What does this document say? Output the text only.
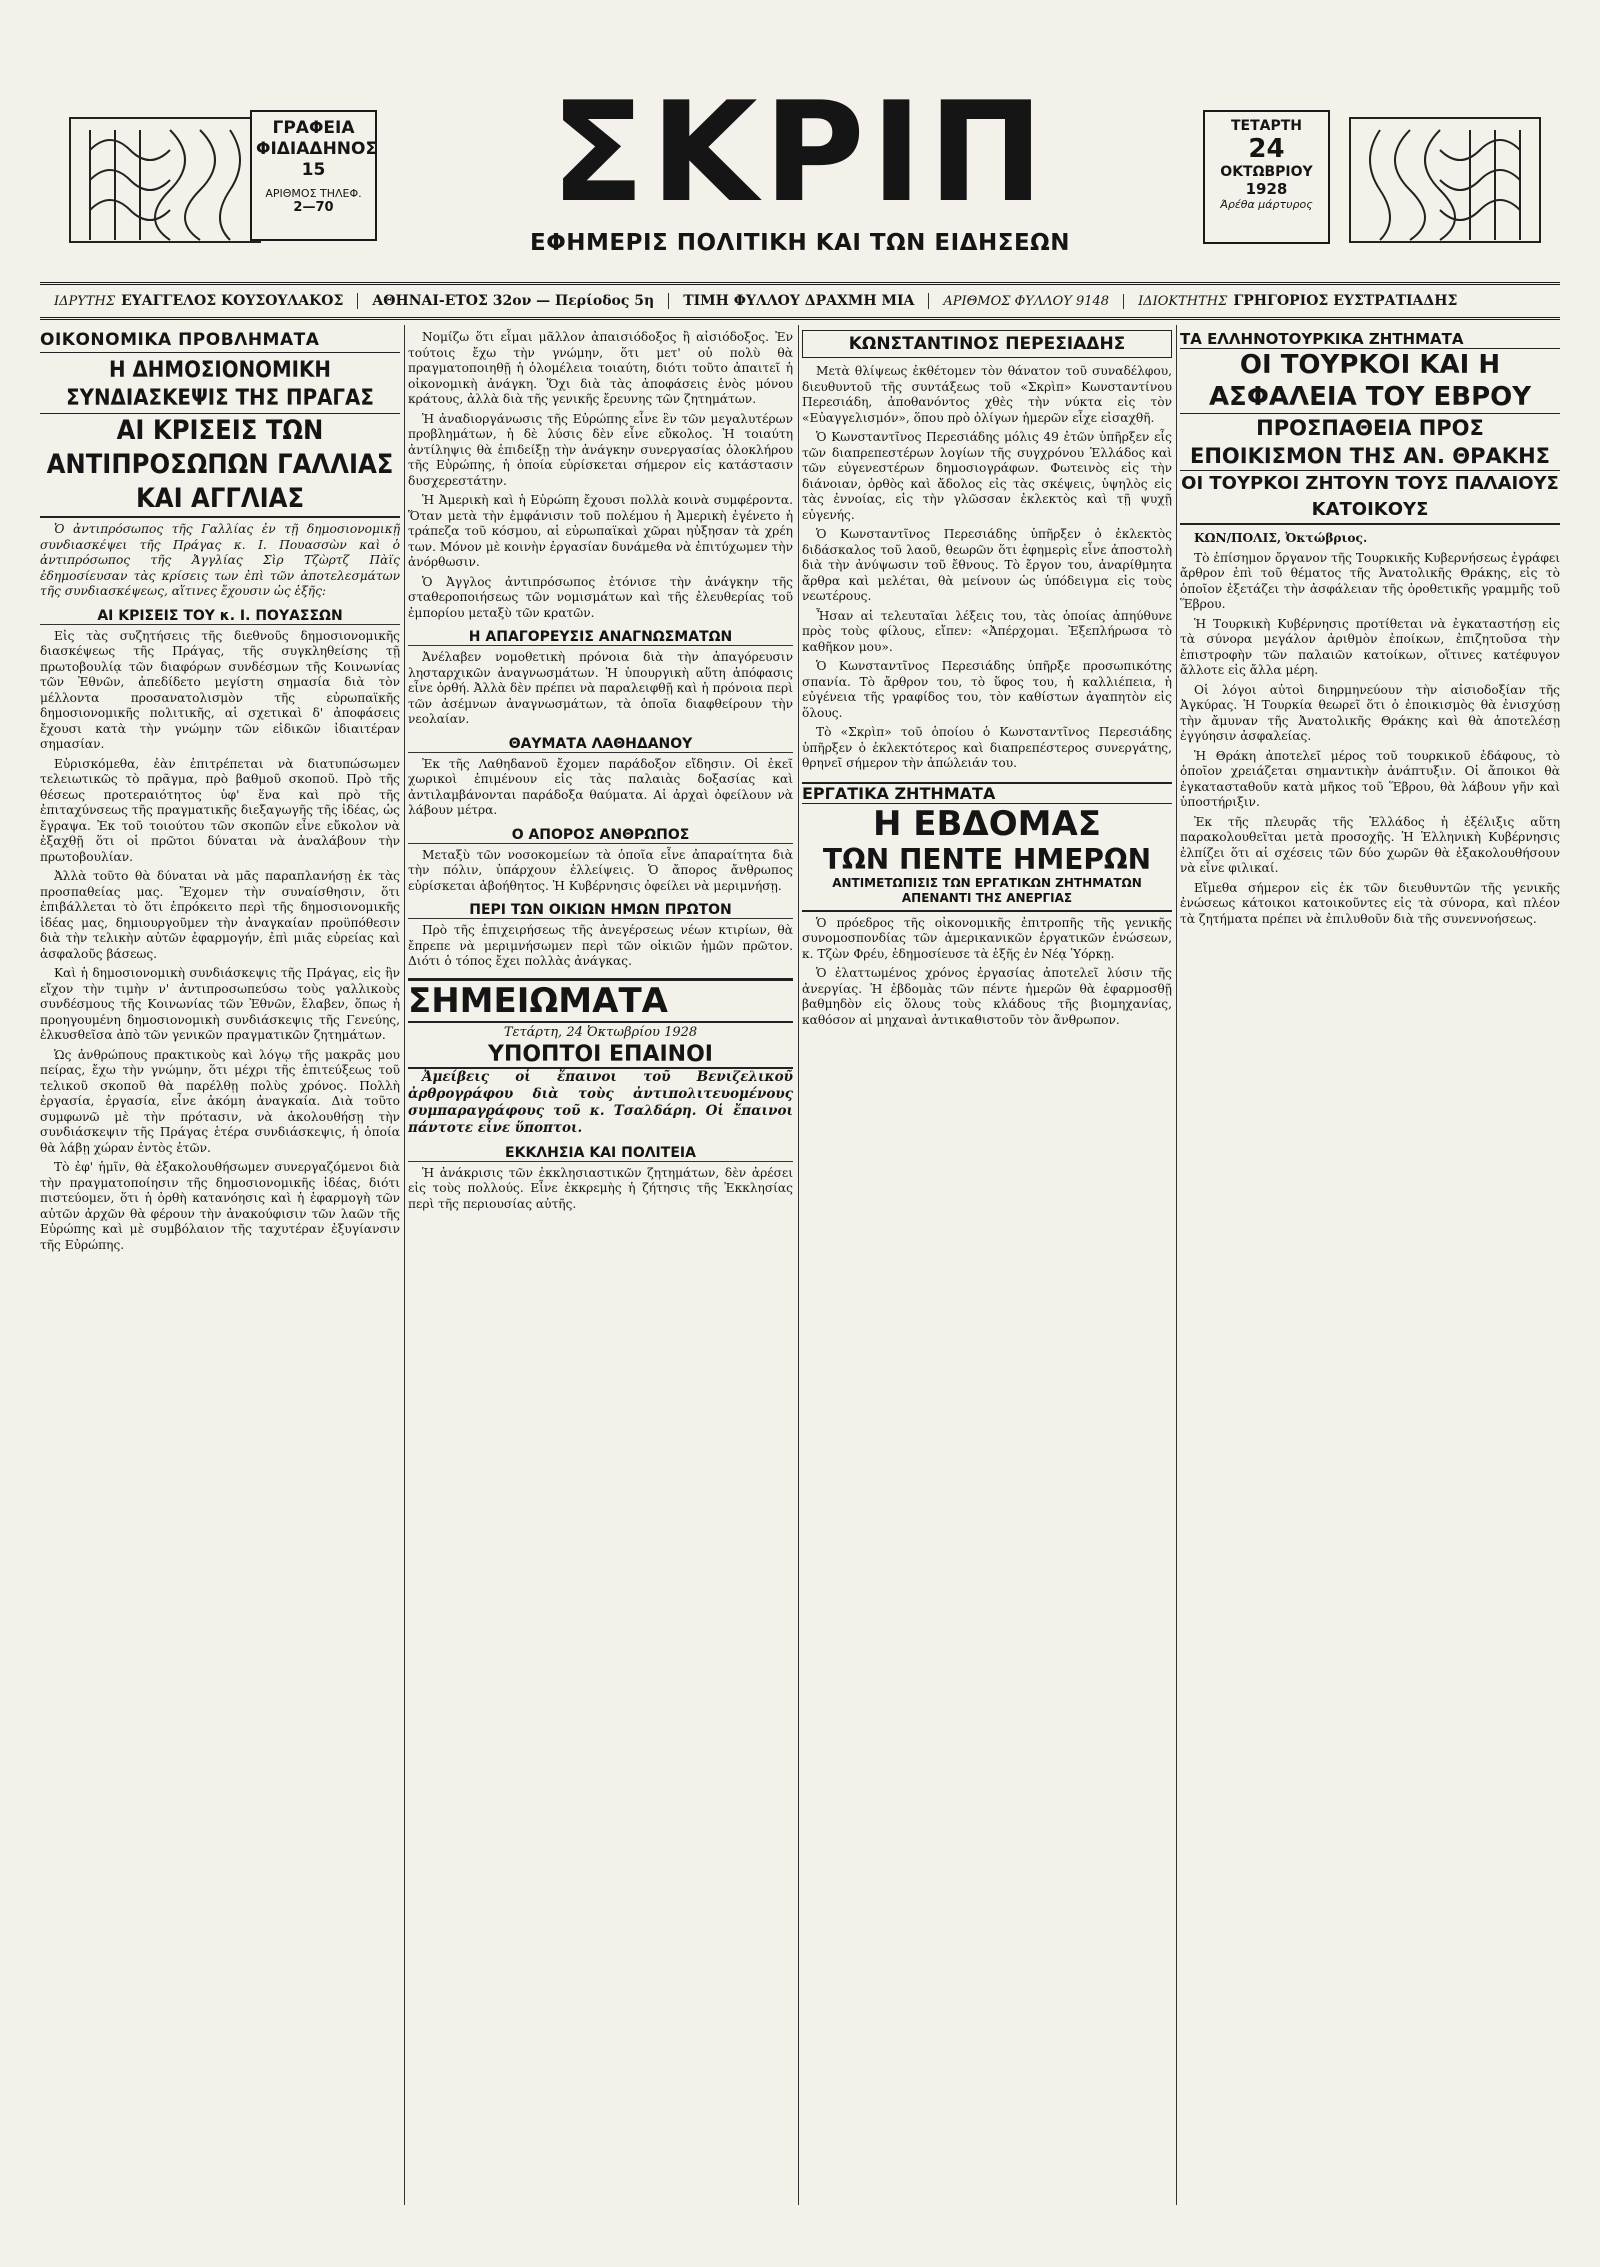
ΓΡΑΦΕΙΑ
ΦΙΔΙΑΔΗΝΟΣ 15
ΑΡΙΘΜΟΣ ΤΗΛΕΦ.
2—70 ΣΚΡΙΠ
ΕΦΗΜΕΡΙΣ ΠΟΛΙΤΙΚΗ ΚΑΙ ΤΩΝ ΕΙΔΗΣΕΩΝ
ΤΕΤΑΡΤΗ
24
ΟΚΤΩΒΡΙΟΥ
1928
Άρέθα μάρτυρος
ΙΔΡΥΤΗΣ ΕΥΑΓΓΕΛΟΣ ΚΟΥΣΟΥΛΑΚΟΣ	ΑΘΗΝΑΙ-ΕΤΟΣ 32ον — Περίοδος 5η	ΤΙΜΗ ΦΥΛΛΟΥ ΔΡΑΧΜΗ ΜΙΑ	ΑΡΙΘΜΟΣ ΦΥΛΛΟΥ 9148	ΙΔΙΟΚΤΗΤΗΣ ΓΡΗΓΟΡΙΟΣ ΕΥΣΤΡΑΤΙΑΔΗΣ
ΟΙΚΟΝΟΜΙΚΑ ΠΡΟΒΛΗΜΑΤΑ
Η ΔΗΜΟΣΙΟΝΟΜΙΚΗ ΣΥΝΔΙΑΣΚΕΨΙΣ ΤΗΣ ΠΡΑΓΑΣ
ΑΙ ΚΡΙΣΕΙΣ ΤΩΝ ΑΝΤΙΠΡΟΣΩΠΩΝ ΓΑΛΛΙΑΣ ΚΑΙ ΑΓΓΛΙΑΣ

Ὁ ἀντιπρόσωπος τῆς Γαλλίας ἐν τῇ δημοσιονομικῇ συνδιασκέψει τῆς Πράγας κ. Ι. Πουασσὼν καὶ ὁ ἀντιπρόσωπος τῆς Ἀγγλίας Σὶρ Τζὼρτζ Πὰϊς ἐδημοσίευσαν τὰς κρίσεις των ἐπὶ τῶν ἀποτελεσμάτων τῆς συνδιασκέψεως, αἵτινες ἔχουσιν ὡς ἑξῆς:

ΑΙ ΚΡΙΣΕΙΣ ΤΟΥ κ. Ι. ΠΟΥΑΣΣΩΝ

Εἰς τὰς συζητήσεις τῆς διεθνοῦς δημοσιονομικῆς διασκέψεως τῆς Πράγας, τῆς συγκληθείσης τῇ πρωτοβουλίᾳ τῶν διαφόρων συνδέσμων τῆς Κοινωνίας τῶν Ἐθνῶν, ἀπεδίδετο μεγίστη σημασία διὰ τὸν μέλλοντα προσανατολισμὸν τῆς εὐρωπαϊκῆς δημοσιονομικῆς πολιτικῆς, αἱ σχετικαὶ δ' ἀποφάσεις ἔχουσι κατὰ τὴν γνώμην τῶν εἰδικῶν ἰδιαιτέραν σημασίαν.

Εὐρισκόμεθα, ἐὰν ἐπιτρέπεται νὰ διατυπώσωμεν τελειωτικῶς τὸ πρᾶγμα, πρὸ βαθμοῦ σκοποῦ. Πρὸ τῆς θέσεως προτεραιότητος ὑφ' ἕνα καὶ πρὸ τῆς ἐπιταχύνσεως τῆς πραγματικῆς διεξαγωγῆς τῆς ἰδέας, ὡς ἔγραψα. Ἐκ τοῦ τοιούτου τῶν σκοπῶν εἶνε εὔκολον νὰ ἐξαχθῇ ὅτι οἱ πρῶτοι δύναται νὰ ἀναλάβουν τὴν πρωτοβουλίαν.

Ἀλλὰ τοῦτο θὰ δύναται νὰ μᾶς παραπλανήσῃ ἐκ τὰς προσπαθείας μας. Ἔχομεν τὴν συναίσθησιν, ὅτι ἐπιβάλλεται τὸ ὅτι ἐπρόκειτο περὶ τῆς δημοσιονομικῆς ἰδέας μας, δημιουργοῦμεν τὴν ἀναγκαίαν προϋπόθεσιν διὰ τὴν τελικὴν αὐτῶν ἐφαρμογήν, ἐπὶ μιᾶς εὐρείας καὶ ἀσφαλοῦς βάσεως.

Καὶ ἡ δημοσιονομικὴ συνδιάσκεψις τῆς Πράγας, εἰς ἣν εἴχον τὴν τιμὴν ν' ἀντιπροσωπεύσω τοὺς γαλλικοὺς συνδέσμους τῆς Κοινωνίας τῶν Ἐθνῶν, ἔλαβεν, ὅπως ἡ προηγουμένη δημοσιονομικὴ συνδιάσκεψις τῆς Γενεύης, ἑλκυσθεῖσα ἀπὸ τῶν γενικῶν πραγματικῶν ζητημάτων.

Ὡς ἀνθρώπους πρακτικοὺς καὶ λόγῳ τῆς μακρᾶς μου πείρας, ἔχω τὴν γνώμην, ὅτι μέχρι τῆς ἐπιτεύξεως τοῦ τελικοῦ σκοποῦ θὰ παρέλθῃ πολὺς χρόνος. Πολλὴ ἐργασία, ἐργασία, εἶνε ἀκόμη ἀναγκαία. Διὰ τοῦτο συμφωνῶ μὲ τὴν πρότασιν, νὰ ἀκολουθήσῃ τὴν συνδιάσκεψιν τῆς Πράγας ἑτέρα συνδιάσκεψις, ἡ ὁποία θὰ λάβῃ χώραν ἐντὸς ἐτῶν.

Τὸ ἐφ' ἡμῖν, θὰ ἐξακολουθήσωμεν συνεργαζόμενοι διὰ τὴν πραγματοποίησιν τῆς δημοσιονομικῆς ἰδέας, διότι πιστεύομεν, ὅτι ἡ ὀρθὴ κατανόησις καὶ ἡ ἐφαρμογὴ τῶν αὐτῶν ἀρχῶν θὰ φέρουν τὴν ἀνακούφισιν τῶν λαῶν τῆς Εὐρώπης καὶ μὲ συμβόλαιον τῆς ταχυτέραν ἐξυγίανσιν τῆς Εὐρώπης.

Νομίζω ὅτι εἶμαι μᾶλλον ἀπαισιόδοξος ἢ αἰσιόδοξος. Ἐν τούτοις ἔχω τὴν γνώμην, ὅτι μετ' οὐ πολὺ θὰ πραγματοποιηθῇ ἡ ὁλομέλεια τοιαύτη, διότι τοῦτο ἀπαιτεῖ ἡ οἰκονομικὴ ἀνάγκη. Ὅχι διὰ τὰς ἀποφάσεις ἑνὸς μόνου κράτους, ἀλλὰ διὰ τῆς γενικῆς ἔρευνης τῶν ζητημάτων.

Ἡ ἀναδιοργάνωσις τῆς Εὐρώπης εἶνε ἓν τῶν μεγαλυτέρων προβλημάτων, ἡ δὲ λύσις δὲν εἶνε εὔκολος. Ἡ τοιαύτη ἀντίληψις θὰ ἐπιδείξῃ τὴν ἀνάγκην συνεργασίας ὁλοκλήρου τῆς Εὐρώπης, ἡ ὁποία εὑρίσκεται σήμερον εἰς κατάστασιν δυσχερεστάτην.

Ἡ Ἀμερικὴ καὶ ἡ Εὐρώπη ἔχουσι πολλὰ κοινὰ συμφέροντα. Ὅταν μετὰ τὴν ἐμφάνισιν τοῦ πολέμου ἡ Ἀμερικὴ ἐγένετο ἡ τράπεζα τοῦ κόσμου, αἱ εὐρωπαϊκαὶ χῶραι ηὐξησαν τὰ χρέη των. Μόνον μὲ κοινὴν ἐργασίαν δυνάμεθα νὰ ἐπιτύχωμεν τὴν ἀνόρθωσιν.

Ὁ Ἀγγλος ἀντιπρόσωπος ἐτόνισε τὴν ἀνάγκην τῆς σταθεροποιήσεως τῶν νομισμάτων καὶ τῆς ἐλευθερίας τοῦ ἐμπορίου μεταξὺ τῶν κρατῶν.

Η ΑΠΑΓΟΡΕΥΣΙΣ ΑΝΑΓΝΩΣΜΑΤΩΝ

Ἀνέλαβεν νομοθετικὴ πρόνοια διὰ τὴν ἀπαγόρευσιν λησταρχικῶν ἀναγνωσμάτων. Ἡ ὑπουργικὴ αὕτη ἀπόφασις εἶνε ὀρθή. Ἀλλὰ δὲν πρέπει νὰ παραλειφθῇ καὶ ἡ πρόνοια περὶ τῶν ἀσέμνων ἀναγνωσμάτων, τὰ ὁποῖα διαφθείρουν τὴν νεολαίαν.

ΘΑΥΜΑΤΑ ΛΑΘΗΔΑΝΟΥ

Ἐκ τῆς Λαθηδανοῦ ἔχομεν παράδοξον εἴδησιν. Οἱ ἐκεῖ χωρικοὶ ἐπιμένουν εἰς τὰς παλαιὰς δοξασίας καὶ ἀντιλαμβάνονται παράδοξα θαύματα. Αἱ ἀρχαὶ ὀφείλουν νὰ λάβουν μέτρα.

Ο ΑΠΟΡΟΣ ΑΝΘΡΩΠΟΣ

Μεταξὺ τῶν νοσοκομείων τὰ ὁποῖα εἶνε ἀπαραίτητα διὰ τὴν πόλιν, ὑπάρχουν ἐλλείψεις. Ὁ ἄπορος ἄνθρωπος εὑρίσκεται ἀβοήθητος. Ἡ Κυβέρνησις ὀφείλει νὰ μεριμνήσῃ.

ΠΕΡΙ ΤΩΝ ΟΙΚΙΩΝ ΗΜΩΝ ΠΡΩΤΟΝ

Πρὸ τῆς ἐπιχειρήσεως τῆς ἀνεγέρσεως νέων κτιρίων, θὰ ἔπρεπε νὰ μεριμνήσωμεν περὶ τῶν οἰκιῶν ἡμῶν πρῶτον. Διότι ὁ τόπος ἔχει πολλὰς ἀνάγκας.

ΣΗΜΕΙΩΜΑΤΑ
Τετάρτη, 24 Ὀκτωβρίου 1928
ΥΠΟΠΤΟΙ ΕΠΑΙΝΟΙ

Ἀμείβεις οἱ ἔπαινοι τοῦ Βενιζελικοῦ ἀρθρογράφου διὰ τοὺς ἀντιπολιτευομένους συμπαραγράφους τοῦ κ. Τσαλδάρη. Οἱ ἔπαινοι πάντοτε εἶνε ὕποπτοι.

ΕΚΚΛΗΣΙΑ ΚΑΙ ΠΟΛΙΤΕΙΑ

Ἡ ἀνάκρισις τῶν ἐκκλησιαστικῶν ζητημάτων, δὲν ἀρέσει εἰς τοὺς πολλούς. Εἶνε ἐκκρεμὴς ἡ ζήτησις τῆς Ἐκκλησίας περὶ τῆς περιουσίας αὐτῆς.

ΚΩΝΣΤΑΝΤΙΝΟΣ ΠΕΡΕΣΙΑΔΗΣ

Μετὰ θλίψεως ἐκθέτομεν τὸν θάνατον τοῦ συναδέλφου, διευθυντοῦ τῆς συντάξεως τοῦ «Σκρὶπ» Κωνσταντίνου Περεσιάδη, ἀποθανόντος χθὲς τὴν νύκτα εἰς τὸν «Εὐαγγελισμόν», ὅπου πρὸ ὀλίγων ἡμερῶν εἶχε εἰσαχθῆ.

Ὁ Κωνσταντῖνος Περεσιάδης μόλις 49 ἐτῶν ὑπῆρξεν εἷς τῶν διαπρεπεστέρων λογίων τῆς συγχρόνου Ἑλλάδος καὶ τῶν εὐγενεστέρων δημοσιογράφων. Φωτεινὸς εἰς τὴν διάνοιαν, ὀρθὸς καὶ ἄδολος εἰς τὰς σκέψεις, ὑψηλὸς εἰς τὰς ἐννοίας, εἰς τὴν γλῶσσαν ἐκλεκτὸς καὶ τῇ ψυχῇ εὐγενής.

Ὁ Κωνσταντῖνος Περεσιάδης ὑπῆρξεν ὁ ἐκλεκτὸς διδάσκαλος τοῦ λαοῦ, θεωρῶν ὅτι ἐφημερὶς εἶνε ἀποστολὴ διὰ τὴν ἀνύψωσιν τοῦ ἔθνους. Τὸ ἔργον του, ἀναρίθμητα ἄρθρα καὶ μελέται, θὰ μείνουν ὡς ὑπόδειγμα εἰς τοὺς νεωτέρους.

Ἦσαν αἱ τελευταῖαι λέξεις του, τὰς ὁποίας ἀπηύθυνε πρὸς τοὺς φίλους, εἴπεν: «Ἀπέρχομαι. Ἐξεπλήρωσα τὸ καθῆκον μου».

Ὁ Κωνσταντῖνος Περεσιάδης ὑπῆρξε προσωπικότης σπανία. Τὸ ἄρθρον του, τὸ ὕφος του, ἡ καλλιέπεια, ἡ εὐγένεια τῆς γραφίδος του, τὸν καθίστων ἀγαπητὸν εἰς ὅλους.

Τὸ «Σκρὶπ» τοῦ ὁποίου ὁ Κωνσταντῖνος Περεσιάδης ὑπῆρξεν ὁ ἐκλεκτότερος καὶ διαπρεπέστερος συνεργάτης, θρηνεῖ σήμερον τὴν ἀπώλειάν του.

ΕΡΓΑΤΙΚΑ ΖΗΤΗΜΑΤΑ
Η ΕΒΔΟΜΑΣ
ΤΩΝ ΠΕΝΤΕ ΗΜΕΡΩΝ
ΑΝΤΙΜΕΤΩΠΙΣΙΣ ΤΩΝ ΕΡΓΑΤΙΚΩΝ ΖΗΤΗΜΑΤΩΝ ΑΠΕΝΑΝΤΙ ΤΗΣ ΑΝΕΡΓΙΑΣ

Ὁ πρόεδρος τῆς οἰκονομικῆς ἐπιτροπῆς τῆς γενικῆς συνομοσπονδίας τῶν ἀμερικανικῶν ἐργατικῶν ἑνώσεων, κ. Τζὼν Φρέυ, ἐδημοσίευσε τὰ ἑξῆς ἐν Νέᾳ Ὑόρκῃ.

Ὁ ἐλαττωμένος χρόνος ἐργασίας ἀποτελεῖ λύσιν τῆς ἀνεργίας. Ἡ ἐβδομὰς τῶν πέντε ἡμερῶν θὰ ἐφαρμοσθῇ βαθμηδὸν εἰς ὅλους τοὺς κλάδους τῆς βιομηχανίας, καθόσον αἱ μηχαναὶ ἀντικαθιστοῦν τὸν ἄνθρωπον.

ΤΑ ΕΛΛΗΝΟΤΟΥΡΚΙΚΑ ΖΗΤΗΜΑΤΑ
ΟΙ ΤΟΥΡΚΟΙ ΚΑΙ Η ΑΣΦΑΛΕΙΑ ΤΟΥ ΕΒΡΟΥ
ΠΡΟΣΠΑΘΕΙΑ ΠΡΟΣ ΕΠΟΙΚΙΣΜΟΝ ΤΗΣ ΑΝ. ΘΡΑΚΗΣ
ΟΙ ΤΟΥΡΚΟΙ ΖΗΤΟΥΝ ΤΟΥΣ ΠΑΛΑΙΟΥΣ ΚΑΤΟΙΚΟΥΣ

ΚΩΝ/ΠΟΛΙΣ, Ὀκτώβριος.

Τὸ ἐπίσημον ὄργανον τῆς Τουρκικῆς Κυβερνήσεως ἐγράφει ἄρθρον ἐπὶ τοῦ θέματος τῆς Ἀνατολικῆς Θράκης, εἰς τὸ ὁποῖον ἐξετάζει τὴν ἀσφάλειαν τῆς ὀροθετικῆς γραμμῆς τοῦ Ἕβρου.

Ἡ Τουρκικὴ Κυβέρνησις προτίθεται νὰ ἐγκαταστήσῃ εἰς τὰ σύνορα μεγάλον ἀριθμὸν ἐποίκων, ἐπιζητοῦσα τὴν ἐπιστροφὴν τῶν παλαιῶν κατοίκων, οἵτινες κατέφυγον ἄλλοτε εἰς ἄλλα μέρη.

Οἱ λόγοι αὐτοὶ διηρμηνεύουν τὴν αἰσιοδοξίαν τῆς Ἀγκύρας. Ἡ Τουρκία θεωρεῖ ὅτι ὁ ἐποικισμὸς θὰ ἐνισχύσῃ τὴν ἄμυναν τῆς Ἀνατολικῆς Θράκης καὶ θὰ ἀποτελέσῃ ἐγγύησιν ἀσφαλείας.

Ἡ Θράκη ἀποτελεῖ μέρος τοῦ τουρκικοῦ ἐδάφους, τὸ ὁποῖον χρειάζεται σημαντικὴν ἀνάπτυξιν. Οἱ ἄποικοι θὰ ἐγκατασταθοῦν κατὰ μῆκος τοῦ Ἕβρου, θὰ λάβουν γῆν καὶ ὑποστήριξιν.

Ἐκ τῆς πλευρᾶς τῆς Ἑλλάδος ἡ ἐξέλιξις αὕτη παρακολουθεῖται μετὰ προσοχῆς. Ἡ Ἑλληνικὴ Κυβέρνησις ἐλπίζει ὅτι αἱ σχέσεις τῶν δύο χωρῶν θὰ ἐξακολουθήσουν νὰ εἶνε φιλικαί.

Εἴμεθα σήμερον εἰς ἐκ τῶν διευθυντῶν τῆς γενικῆς ἐνώσεως κάτοικοι κατοικοῦντες εἰς τὰ σύνορα, καὶ πλέον τὰ ζητήματα πρέπει νὰ ἐπιλυθοῦν διὰ τῆς συνεννοήσεως.
